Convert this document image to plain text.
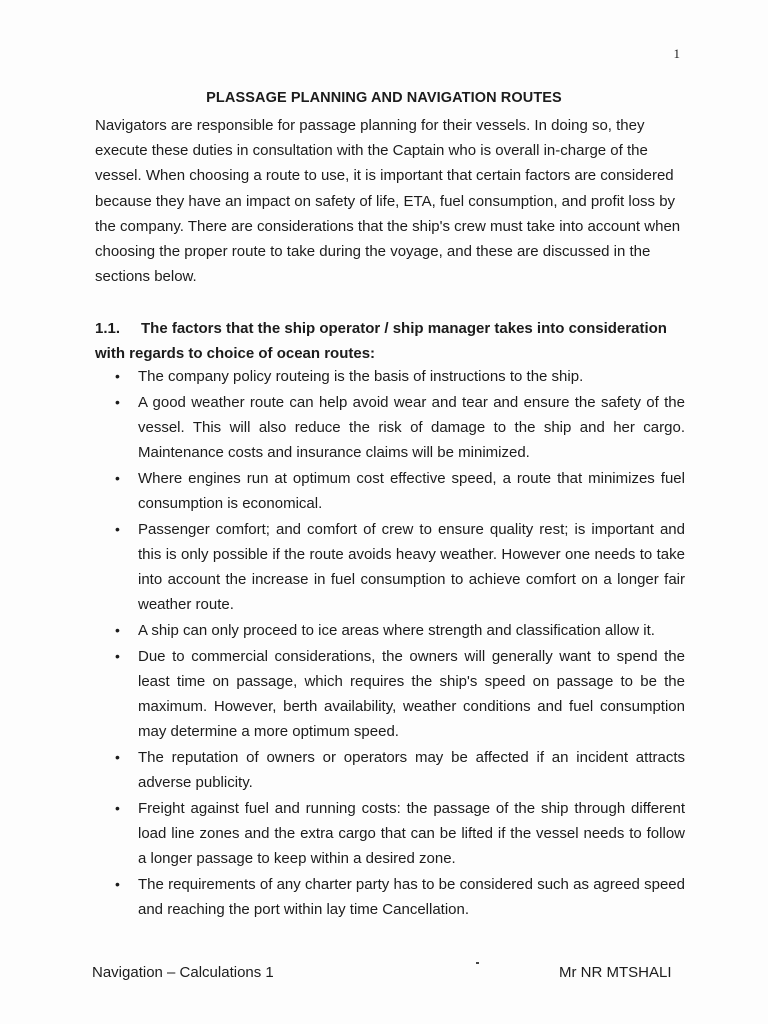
1
PLASSAGE PLANNING AND NAVIGATION ROUTES

Navigators are responsible for passage planning for their vessels. In doing so, they execute these duties in consultation with the Captain who is overall in-charge of the vessel. When choosing a route to use, it is important that certain factors are considered because they have an impact on safety of life, ETA, fuel consumption, and profit loss by the company. There are considerations that the ship's crew must take into account when choosing the proper route to take during the voyage, and these are discussed in the sections below.

1.1. The factors that the ship operator / ship manager takes into consideration with regards to choice of ocean routes:

• The company policy routeing is the basis of instructions to the ship.
• A good weather route can help avoid wear and tear and ensure the safety of the vessel. This will also reduce the risk of damage to the ship and her cargo. Maintenance costs and insurance claims will be minimized.
• Where engines run at optimum cost effective speed, a route that minimizes fuel consumption is economical.
• Passenger comfort; and comfort of crew to ensure quality rest; is important and this is only possible if the route avoids heavy weather. However one needs to take into account the increase in fuel consumption to achieve comfort on a longer fair weather route.
• A ship can only proceed to ice areas where strength and classification allow it.
• Due to commercial considerations, the owners will generally want to spend the least time on passage, which requires the ship's speed on passage to be the maximum. However, berth availability, weather conditions and fuel consumption may determine a more optimum speed.
• The reputation of owners or operators may be affected if an incident attracts adverse publicity.
• Freight against fuel and running costs: the passage of the ship through different load line zones and the extra cargo that can be lifted if the vessel needs to follow a longer passage to keep within a desired zone.
• The requirements of any charter party has to be considered such as agreed speed and reaching the port within lay time Cancellation.
Navigation – Calculations 1	Mr NR MTSHALI
